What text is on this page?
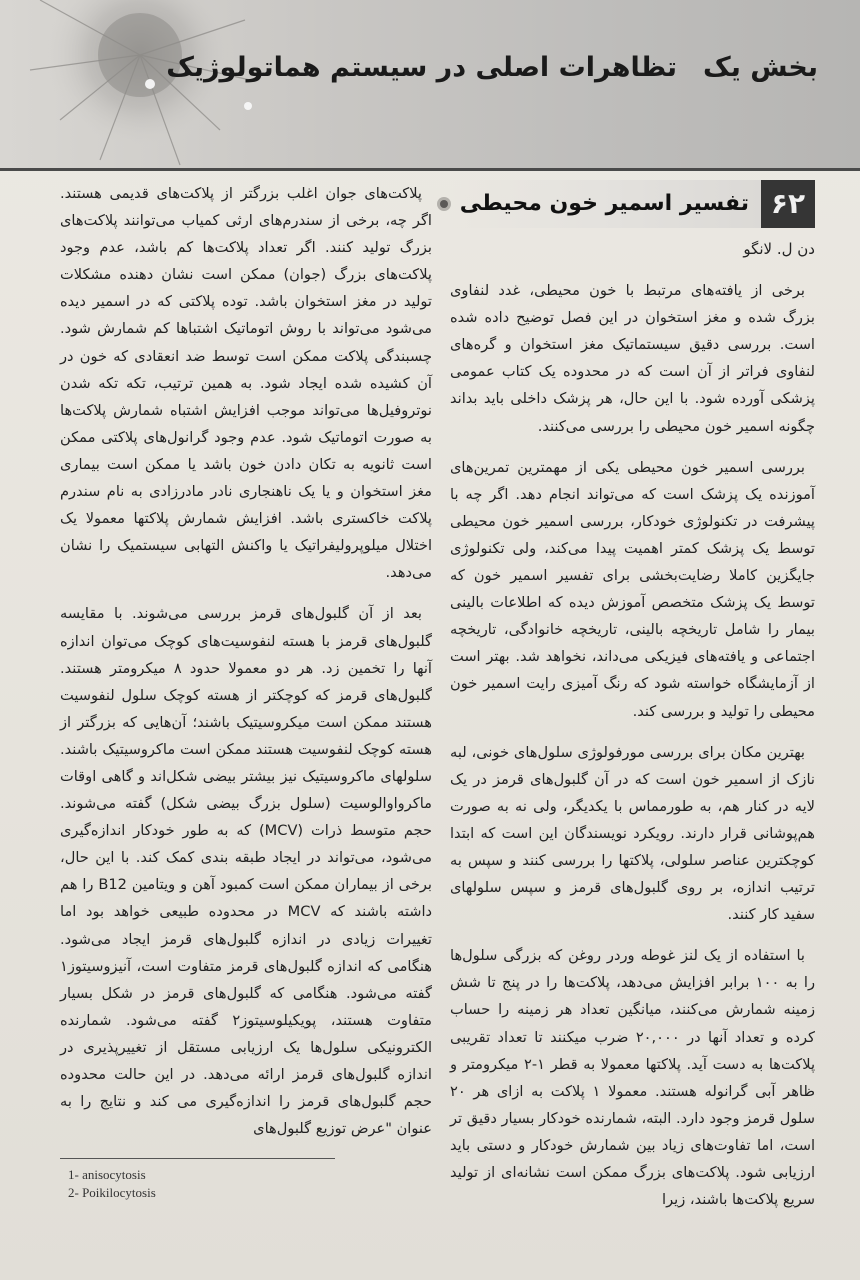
بخش یک
تظاهرات اصلی در سیستم هماتولوژیک
۶۲
تفسیر اسمیر خون محیطی

دن ل. لانگو

برخی از یافته‌های مرتبط با خون محیطی، غدد لنفاوی بزرگ شده و مغز استخوان در این فصل توضیح داده شده است. بررسی دقیق سیستماتیک مغز استخوان و گره‌های لنفاوی فراتر از آن است که در محدوده یک کتاب عمومی پزشکی آورده شود. با این حال، هر پزشک داخلی باید بداند چگونه اسمیر خون محیطی را بررسی می‌کنند.

بررسی اسمیر خون محیطی یکی از مهمترین تمرین‌های آموزنده یک پزشک است که می‌تواند انجام دهد. اگر چه با پیشرفت در تکنولوژی خودکار، بررسی اسمیر خون محیطی توسط یک پزشک کمتر اهمیت پیدا می‌کند، ولی تکنولوژی جایگزین کاملا رضایت‌بخشی برای تفسیر اسمیر خون که توسط یک پزشک متخصص آموزش دیده که اطلاعات بالینی بیمار را شامل تاریخچه بالینی، تاریخچه خانوادگی، تاریخچه اجتماعی و یافته‌های فیزیکی می‌داند، نخواهد شد. بهتر است از آزمایشگاه خواسته شود که رنگ آمیزی رایت اسمیر خون محیطی را تولید و بررسی کند.

بهترین مکان برای بررسی مورفولوژی سلول‌های خونی، لبه نازک از اسمیر خون است که در آن گلبول‌های قرمز در یک لایه در کنار هم، به طورمماس با یکدیگر، ولی نه به صورت هم‌پوشانی قرار دارند. رویکرد نویسندگان این است که ابتدا کوچکترین عناصر سلولی، پلاکتها را بررسی کنند و سپس به ترتیب اندازه، بر روی گلبول‌های قرمز و سپس سلولهای سفید کار کنند.

با استفاده از یک لنز غوطه وردر روغن که بزرگی سلول‌ها را به ۱۰۰ برابر افزایش می‌دهد، پلاکت‌ها را در پنج تا شش زمینه شمارش می‌کنند، میانگین تعداد هر زمینه را حساب کرده و تعداد آنها در ۲۰,۰۰۰ ضرب میکنند تا تعداد تقریبی پلاکت‌ها به دست آید. پلاکتها معمولا به قطر ۱-۲ میکرومتر و ظاهر آبی گرانوله هستند. معمولا ۱ پلاکت به ازای هر ۲۰ سلول قرمز وجود دارد. البته، شمارنده خودکار بسیار دقیق تر است، اما تفاوت‌های زیاد بین شمارش خودکار و دستی باید ارزیابی شود. پلاکت‌های بزرگ ممکن است نشانه‌ای از تولید سریع پلاکت‌ها باشند، زیرا

پلاکت‌های جوان اغلب بزرگتر از پلاکت‌های قدیمی هستند. اگر چه، برخی از سندرم‌های ارثی کمیاب می‌توانند پلاکت‌های بزرگ تولید کنند. اگر تعداد پلاکت‌ها کم باشد، عدم وجود پلاکت‌های بزرگ (جوان) ممکن است نشان دهنده مشکلات تولید در مغز استخوان باشد. توده پلاکتی که در اسمیر دیده می‌شود می‌تواند با روش اتوماتیک اشتباها کم شمارش شود. چسبندگی پلاکت ممکن است توسط ضد انعقادی که خون در آن کشیده شده ایجاد شود. به همین ترتیب، تکه تکه شدن نوتروفیل‌ها می‌تواند موجب افزایش اشتباه شمارش پلاکت‌ها به صورت اتوماتیک شود. عدم وجود گرانول‌های پلاکتی ممکن است ثانویه به تکان دادن خون باشد یا ممکن است بیماری مغز استخوان و یا یک ناهنجاری نادر مادرزادی به نام سندرم پلاکت خاکستری باشد. افزایش شمارش پلاکتها معمولا یک اختلال میلوپرولیفراتیک یا واکنش التهابی سیستمیک را نشان می‌دهد.

بعد از آن گلبول‌های قرمز بررسی می‌شوند. با مقایسه گلبول‌های قرمز با هسته لنفوسیت‌های کوچک می‌توان اندازه آنها را تخمین زد. هر دو معمولا حدود ۸ میکرومتر هستند. گلبول‌های قرمز که کوچکتر از هسته کوچک سلول لنفوسیت هستند ممکن است میکروسیتیک باشند؛ آن‌هایی که بزرگتر از هسته کوچک لنفوسیت هستند ممکن است ماکروسیتیک باشند. سلولهای ماکروسیتیک نیز بیشتر بیضی شکل‌اند و گاهی اوقات ماکرواوالوسیت (سلول بزرگ بیضی شکل) گفته می‌شوند. حجم متوسط ذرات (MCV) که به طور خودکار اندازه‌گیری می‌شود، می‌تواند در ایجاد طبقه بندی کمک کند. با این حال، برخی از بیماران ممکن است کمبود آهن و ویتامین B12 را هم داشته باشند که MCV در محدوده طبیعی خواهد بود اما تغییرات زیادی در اندازه گلبول‌های قرمز ایجاد می‌شود. هنگامی که اندازه گلبول‌های قرمز متفاوت است، آنیزوسیتوز۱ گفته می‌شود. هنگامی که گلبول‌های قرمز در شکل بسیار متفاوت هستند، پویکیلوسیتوز۲ گفته می‌شود. شمارنده الکترونیکی سلول‌ها یک ارزیابی مستقل از تغییرپذیری در اندازه گلبول‌های قرمز ارائه می‌دهد. در این حالت محدوده حجم گلبول‌های قرمز را اندازه‌گیری می کند و نتایج را به عنوان "عرض توزیع گلبول‌های

1- anisocytosis
2- Poikilocytosis
